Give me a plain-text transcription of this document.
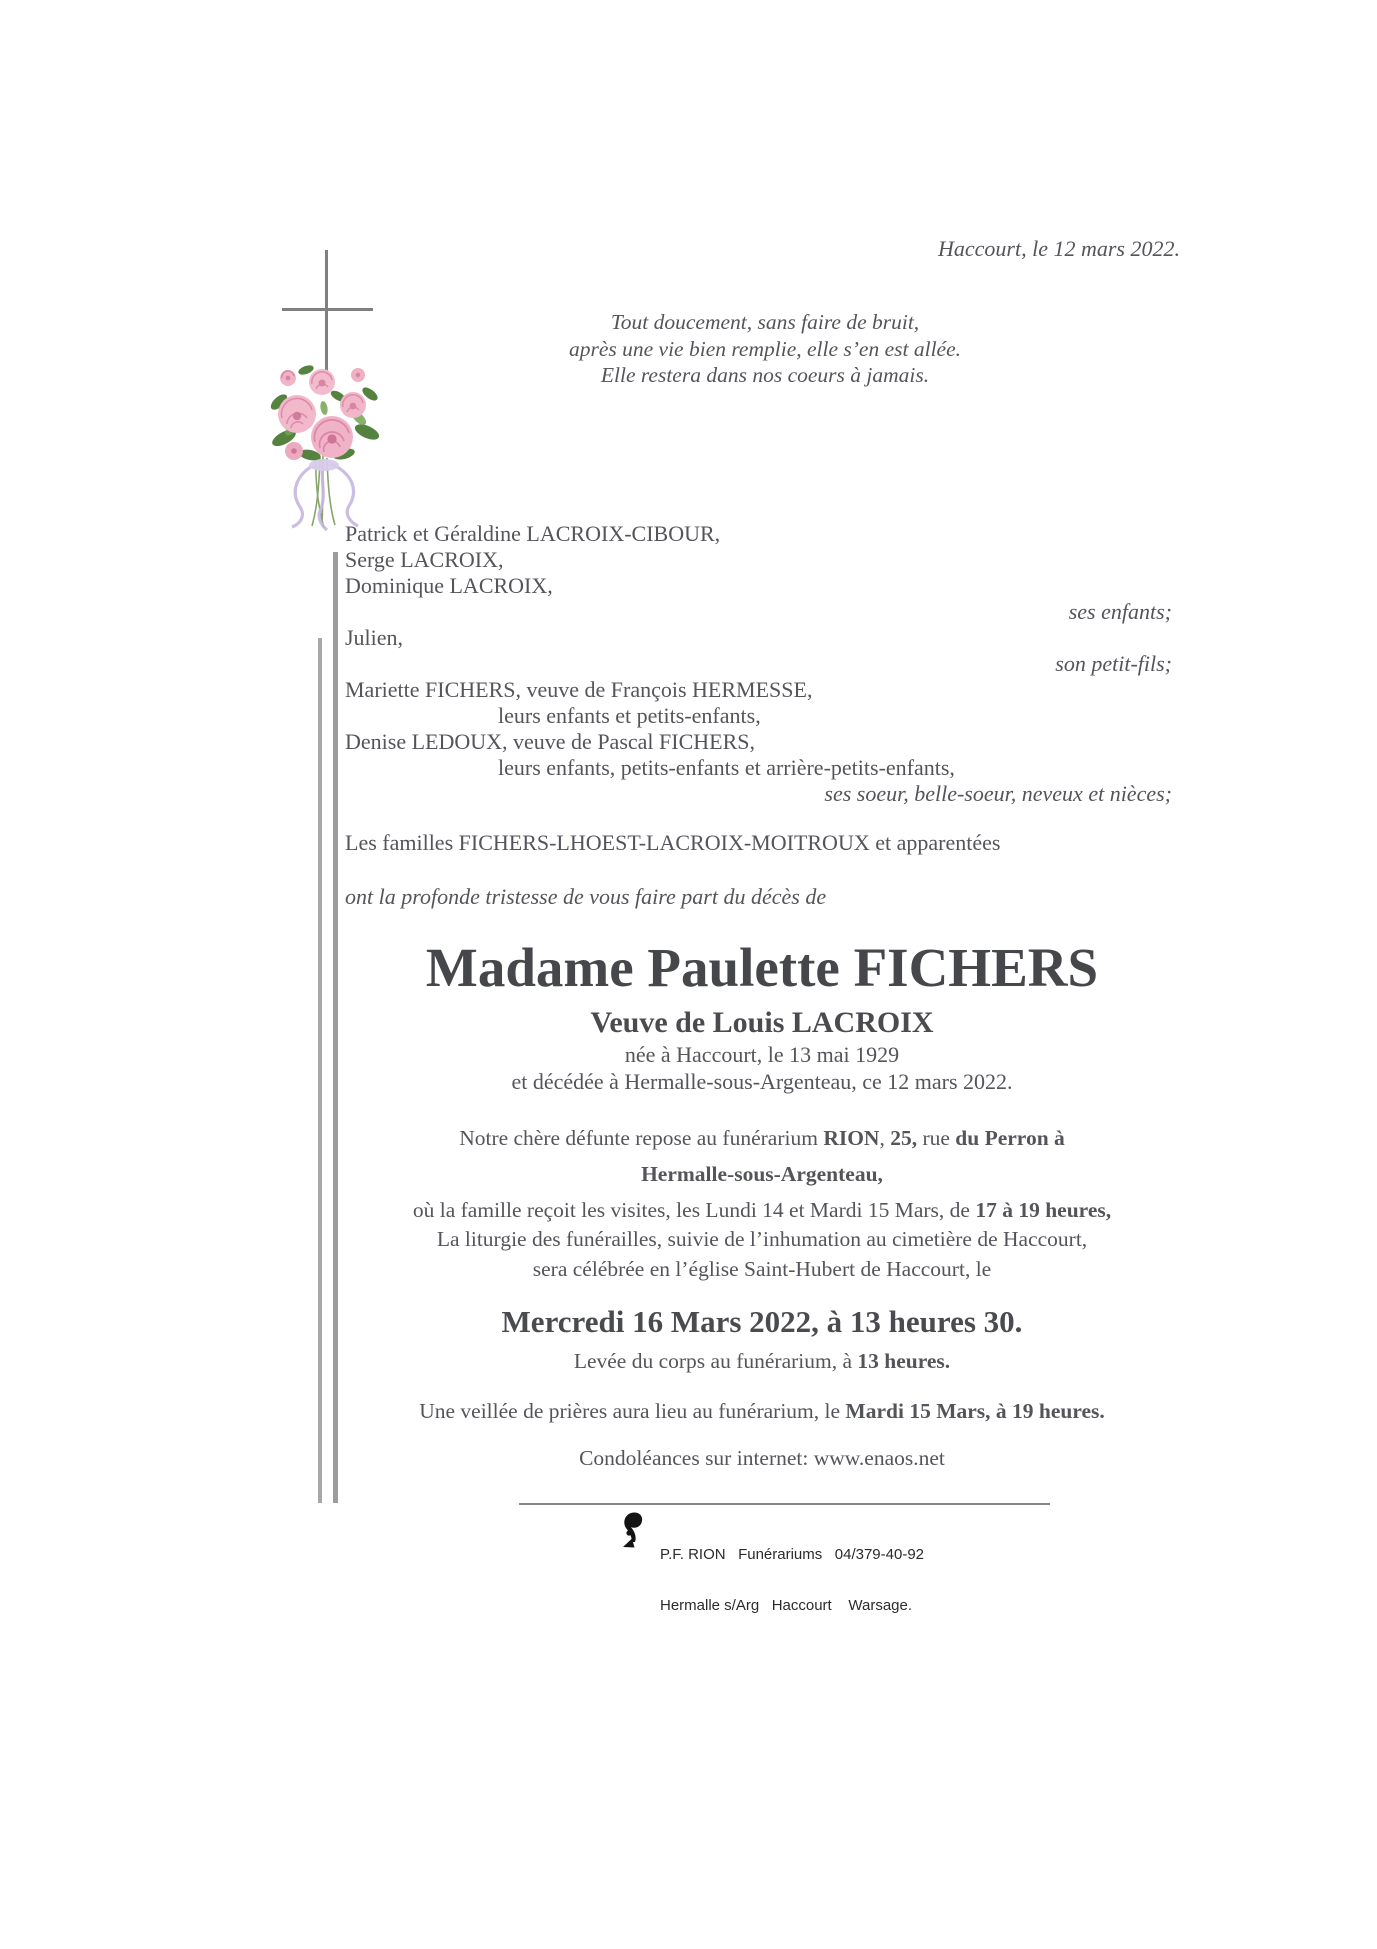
Haccourt, le 12 mars 2022.
Tout doucement, sans faire de bruit,
après une vie bien remplie, elle s’en est allée.
Elle restera dans nos coeurs à jamais.
Patrick et Géraldine LACROIX-CIBOUR,
Serge LACROIX,
Dominique LACROIX,
ses enfants;
Julien,
son petit-fils;
Mariette FICHERS, veuve de François HERMESSE,
leurs enfants et petits-enfants,
Denise LEDOUX, veuve de Pascal FICHERS,
leurs enfants, petits-enfants et arrière-petits-enfants,
ses soeur, belle-soeur, neveux et nièces;
Les familles FICHERS-LHOEST-LACROIX-MOITROUX et apparentées
ont la profonde tristesse de vous faire part du décès de
Madame Paulette FICHERS
Veuve de Louis LACROIX
née à Haccourt, le 13 mai 1929
et décédée à Hermalle-sous-Argenteau, ce 12 mars 2022.
Notre chère défunte repose au funérarium RION, 25, rue du Perron à
Hermalle-sous-Argenteau,
où la famille reçoit les visites, les Lundi 14 et Mardi 15 Mars, de 17 à 19 heures,
La liturgie des funérailles, suivie de l’inhumation au cimetière de Haccourt,
sera célébrée en l’église Saint-Hubert de Haccourt, le
Mercredi 16 Mars 2022, à 13 heures 30.
Levée du corps au funérarium, à 13 heures.
Une veillée de prières aura lieu au funérarium, le Mardi 15 Mars, à 19 heures.
Condoléances sur internet: www.enaos.net

P.F. RION   Funérariums   04/379-40-92

Hermalle s/Arg   Haccourt    Warsage.
